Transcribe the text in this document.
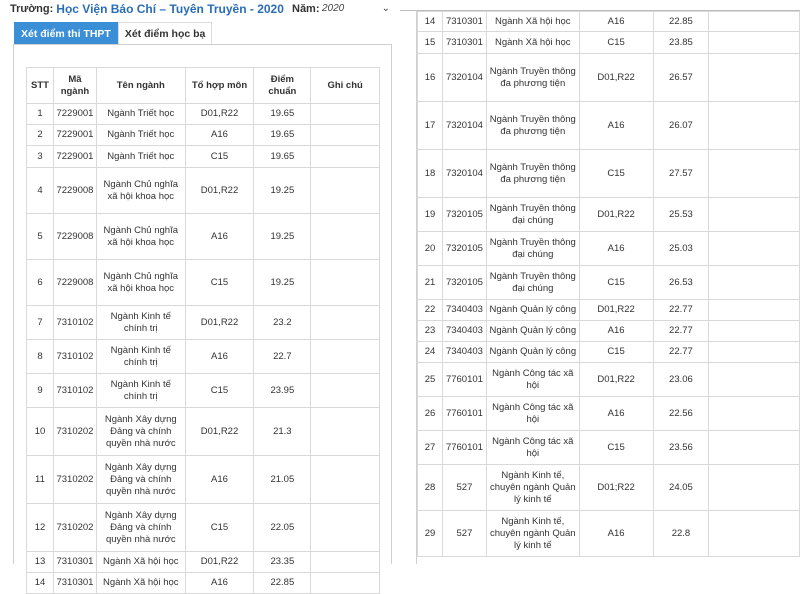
Trường: Học Viện Báo Chí – Tuyên Truyền - 2020 Năm: 2020	⌄
Xét điểm thi THPT	Xét điểm học bạ
STT	Mã ngành	Tên ngành	Tổ hợp môn	Điểm chuẩn	Ghi chú
1	7229001	Ngành Triết học	D01,R22	19.65	
2	7229001	Ngành Triết học	A16	19.65	
3	7229001	Ngành Triết học	C15	19.65	
4	7229008	Ngành Chủ nghĩa xã hội khoa học	D01,R22	19.25	
5	7229008	Ngành Chủ nghĩa xã hội khoa học	A16	19.25	
6	7229008	Ngành Chủ nghĩa xã hội khoa học	C15	19.25	
7	7310102	Ngành Kinh tế chính trị	D01,R22	23.2	
8	7310102	Ngành Kinh tế chính trị	A16	22.7	
9	7310102	Ngành Kinh tế chính trị	C15	23.95	
10	7310202	Ngành Xây dựng Đảng và chính quyền nhà nước	D01,R22	21.3	
11	7310202	Ngành Xây dựng Đảng và chính quyền nhà nước	A16	21.05	
12	7310202	Ngành Xây dựng Đảng và chính quyền nhà nước	C15	22.05	
13	7310301	Ngành Xã hội học	D01,R22	23.35	
14	7310301	Ngành Xã hội học	A16	22.85	
14	7310301	Ngành Xã hội học	A16	22.85	
15	7310301	Ngành Xã hội học	C15	23.85	
16	7320104	Ngành Truyền thông đa phương tiện	D01,R22	26.57	
17	7320104	Ngành Truyền thông đa phương tiện	A16	26.07	
18	7320104	Ngành Truyền thông đa phương tiện	C15	27.57	
19	7320105	Ngành Truyền thông đại chúng	D01,R22	25.53	
20	7320105	Ngành Truyền thông đại chúng	A16	25.03	
21	7320105	Ngành Truyền thông đại chúng	C15	26.53	
22	7340403	Ngành Quản lý công	D01,R22	22.77	
23	7340403	Ngành Quản lý công	A16	22.77	
24	7340403	Ngành Quản lý công	C15	22.77	
25	7760101	Ngành Công tác xã hội	D01,R22	23.06	
26	7760101	Ngành Công tác xã hội	A16	22.56	
27	7760101	Ngành Công tác xã hội	C15	23.56	
28	527	Ngành Kinh tế, chuyên ngành Quản lý kinh tế	D01;R22	24.05	
29	527	Ngành Kinh tế, chuyên ngành Quản lý kinh tế	A16	22.8	
